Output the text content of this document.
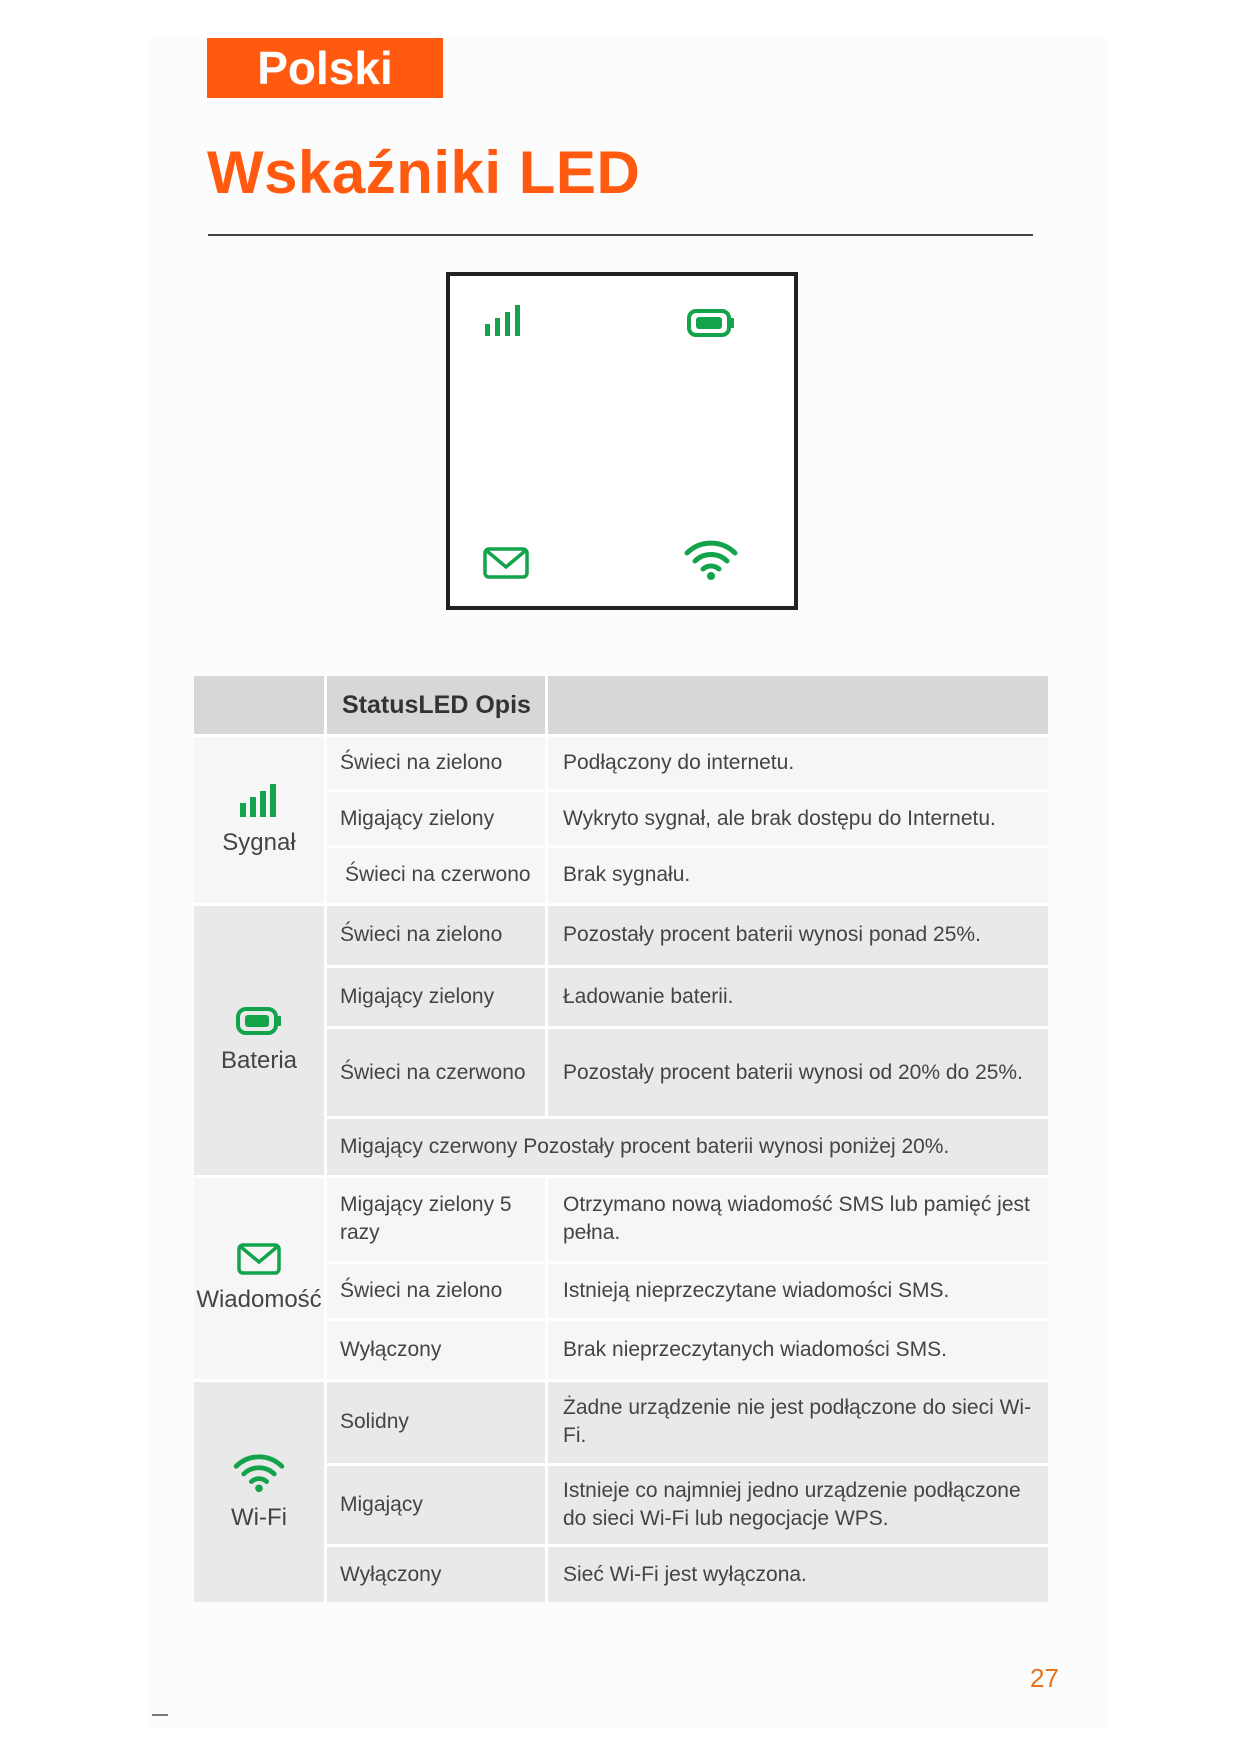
Polski
Wskaźniki LED
	StatusLED Opis	

Sygnał	Świeci na zielono	Podłączony do internetu.
	Migający zielony	Wykryto sygnał, ale brak dostępu do Internetu.
	Świeci na czerwono	Brak sygnału.

Bateria	Świeci na zielono	Pozostały procent baterii wynosi ponad 25%.
	Migający zielony	Ładowanie baterii.
	Świeci na czerwono	Pozostały procent baterii wynosi od 20% do 25%.
	Migający czerwony Pozostały procent baterii wynosi poniżej 20%.	

Wiadomość	Migający zielony 5 razy	Otrzymano nową wiadomość SMS lub pamięć jest pełna.
	Świeci na zielono	Istnieją nieprzeczytane wiadomości SMS.
	Wyłączony	Brak nieprzeczytanych wiadomości SMS.

Wi-Fi	Solidny	Żadne urządzenie nie jest podłączone do sieci Wi-Fi.
	Migający	Istnieje co najmniej jedno urządzenie podłączone do sieci Wi-Fi lub negocjacje WPS.
	Wyłączony	Sieć Wi-Fi jest wyłączona.
27
